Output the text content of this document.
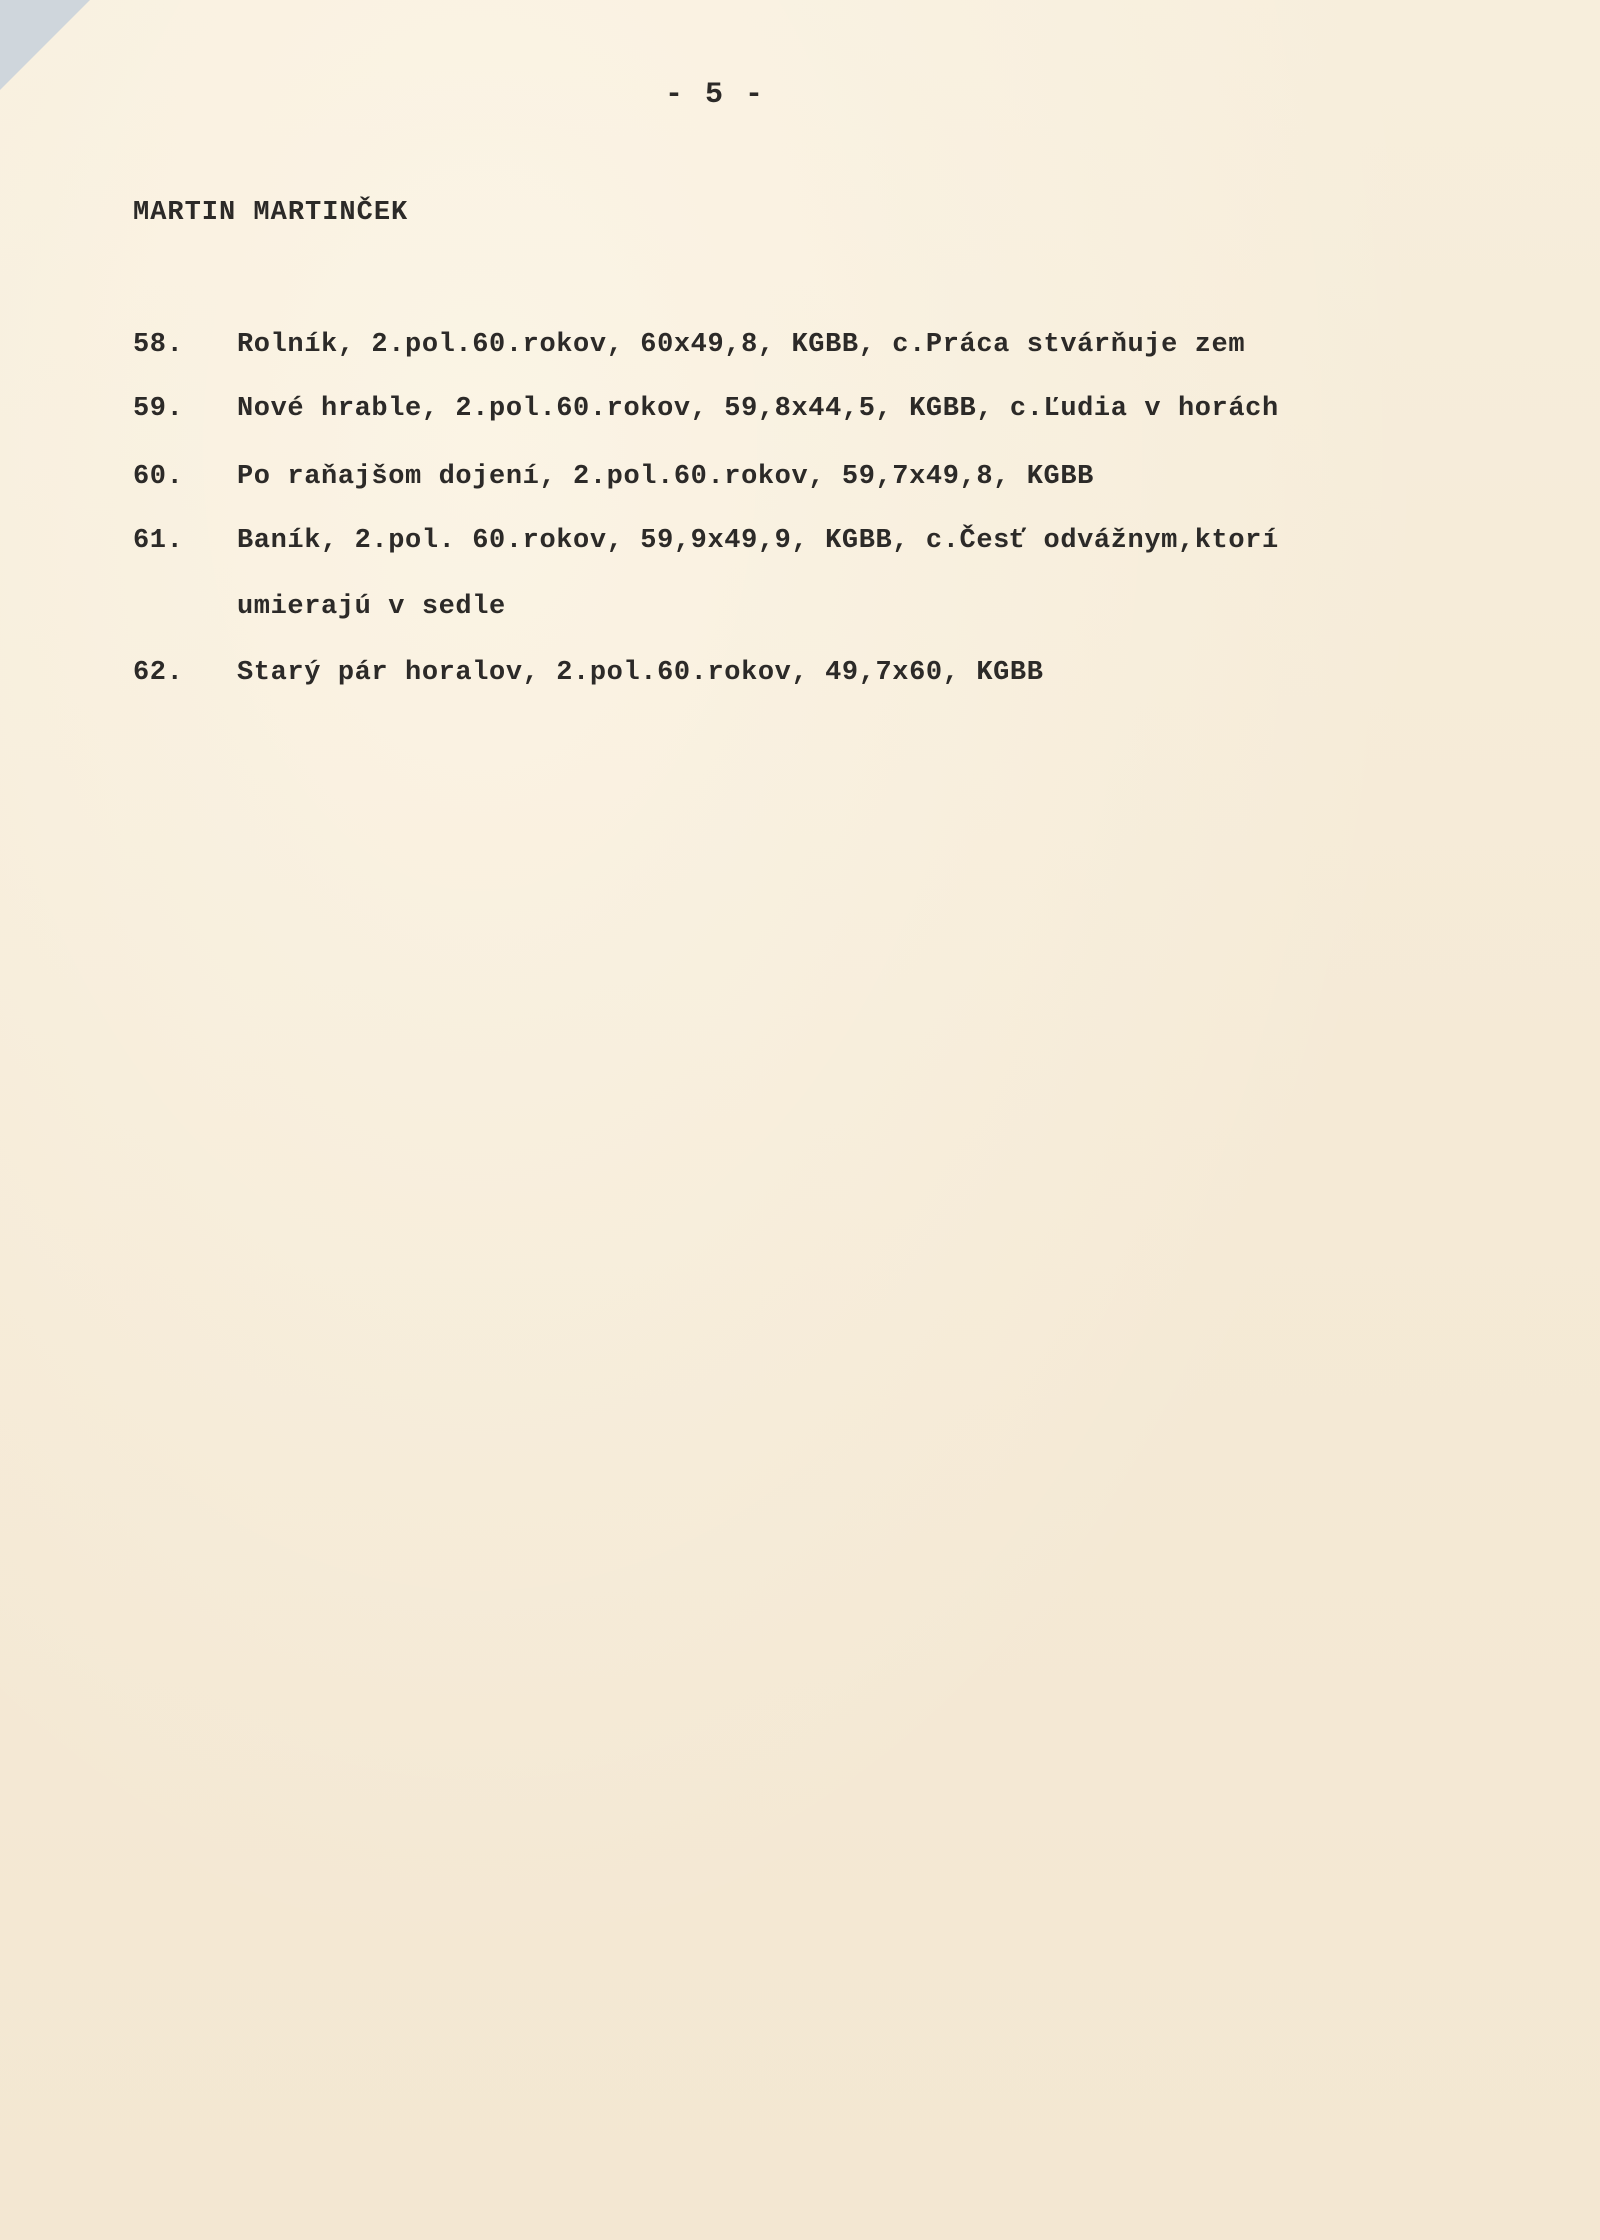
- 5 -
MARTIN MARTINČEK
58. Rolník, 2.pol.60.rokov, 60x49,8, KGBB, c.Práca stvárňuje zem
59. Nové hrable, 2.pol.60.rokov, 59,8x44,5, KGBB, c.Ľudia v horách
60. Po raňajšom dojení, 2.pol.60.rokov, 59,7x49,8, KGBB
61. Baník, 2.pol. 60.rokov, 59,9x49,9, KGBB, c.Česť odvážnym,ktorí
umierajú v sedle
62. Starý pár horalov, 2.pol.60.rokov, 49,7x60, KGBB
